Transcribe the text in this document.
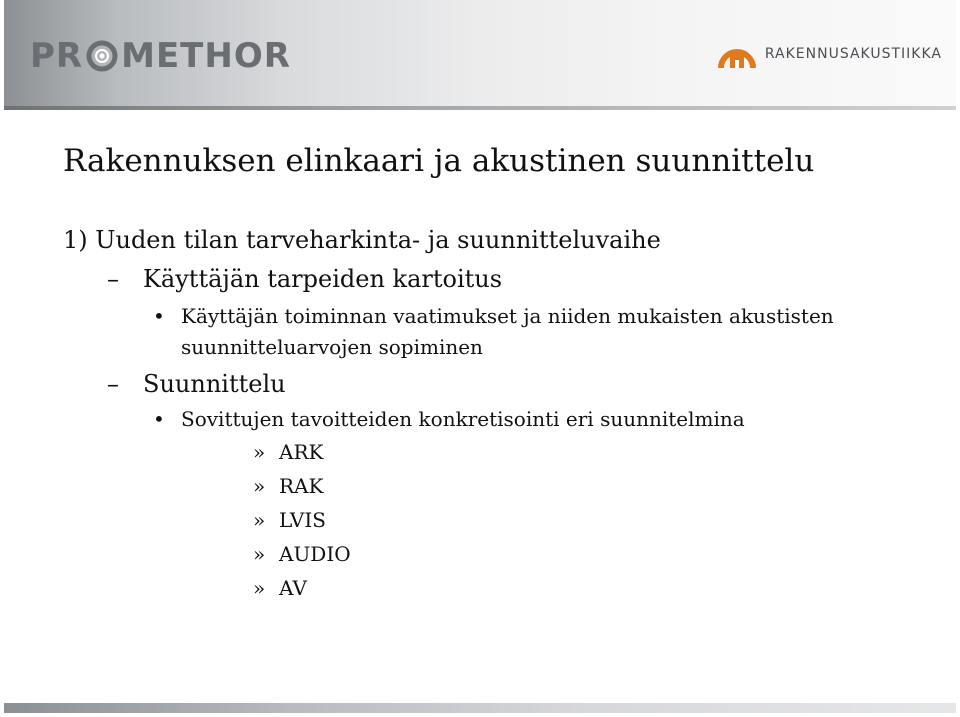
PR METHOR	RAKENNUSAKUSTIIKKA
Rakennuksen elinkaari ja akustinen suunnittelu
1) Uuden tilan tarveharkinta- ja suunnitteluvaihe
–	Käyttäjän tarpeiden kartoitus
• Käyttäjän toiminnan vaatimukset ja niiden mukaisten akustisten suunnitteluarvojen sopiminen
–	Suunnittelu
• Sovittujen tavoitteiden konkretisointi eri suunnitelmina
» ARK
» RAK
» LVIS
» AUDIO
» AV
